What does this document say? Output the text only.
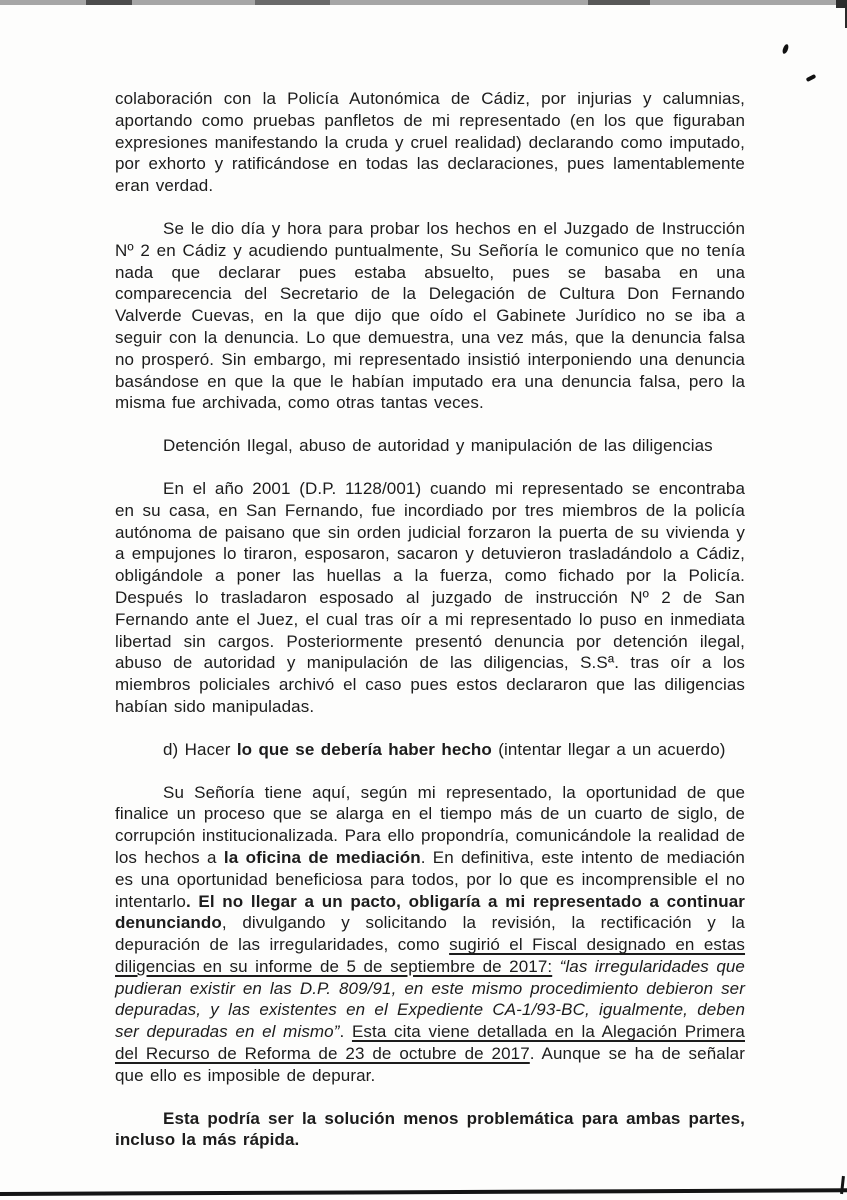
colaboración con la Policía Autonómica de Cádiz, por injurias y calumnias, aportando como pruebas panfletos de mi representado (en los que figuraban expresiones manifestando la cruda y cruel realidad) declarando como imputado, por exhorto y ratificándose en todas las declaraciones, pues lamentablemente eran verdad.

Se le dio día y hora para probar los hechos en el Juzgado de Instrucción Nº 2 en Cádiz y acudiendo puntualmente, Su Señoría le comunico que no tenía nada que declarar pues estaba absuelto, pues se basaba en una comparecencia del Secretario de la Delegación de Cultura Don Fernando Valverde Cuevas, en la que dijo que oído el Gabinete Jurídico no se iba a seguir con la denuncia. Lo que demuestra, una vez más, que la denuncia falsa no prosperó. Sin embargo, mi representado insistió interponiendo una denuncia basándose en que la que le habían imputado era una denuncia falsa, pero la misma fue archivada, como otras tantas veces.

Detención Ilegal, abuso de autoridad y manipulación de las diligencias

En el año 2001 (D.P. 1128/001) cuando mi representado se encontraba en su casa, en San Fernando, fue incordiado por tres miembros de la policía autónoma de paisano que sin orden judicial forzaron la puerta de su vivienda y a empujones lo tiraron, esposaron, sacaron y detuvieron trasladándolo a Cádiz, obligándole a poner las huellas a la fuerza, como fichado por la Policía. Después lo trasladaron esposado al juzgado de instrucción Nº 2 de San Fernando ante el Juez, el cual tras oír a mi representado lo puso en inmediata libertad sin cargos. Posteriormente presentó denuncia por detención ilegal, abuso de autoridad y manipulación de las diligencias, S.Sª. tras oír a los miembros policiales archivó el caso pues estos declararon que las diligencias habían sido manipuladas.

d) Hacer lo que se debería haber hecho (intentar llegar a un acuerdo)

Su Señoría tiene aquí, según mi representado, la oportunidad de que finalice un proceso que se alarga en el tiempo más de un cuarto de siglo, de corrupción institucionalizada. Para ello propondría, comunicándole la realidad de los hechos a la oficina de mediación. En definitiva, este intento de mediación es una oportunidad beneficiosa para todos, por lo que es incomprensible el no intentarlo. El no llegar a un pacto, obligaría a mi representado a continuar denunciando, divulgando y solicitando la revisión, la rectificación y la depuración de las irregularidades, como sugirió el Fiscal designado en estas diligencias en su informe de 5 de septiembre de 2017: “las irregularidades que pudieran existir en las D.P. 809/91, en este mismo procedimiento debieron ser depuradas, y las existentes en el Expediente CA-1/93-BC, igualmente, deben ser depuradas en el mismo”. Esta cita viene detallada en la Alegación Primera del Recurso de Reforma de 23 de octubre de 2017. Aunque se ha de señalar que ello es imposible de depurar.

Esta podría ser la solución menos problemática para ambas partes, incluso la más rápida.
